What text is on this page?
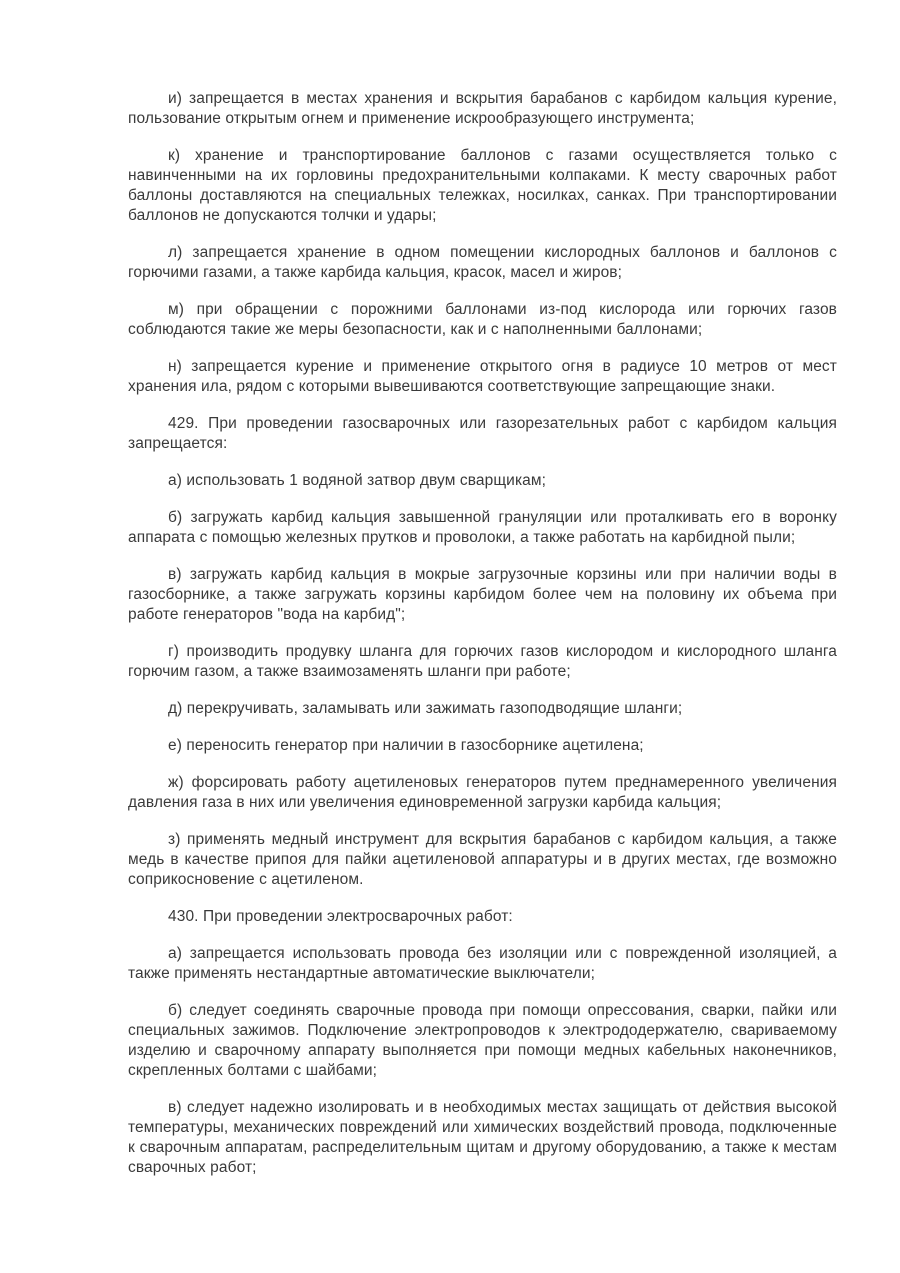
и) запрещается в местах хранения и вскрытия барабанов с карбидом кальция курение, пользование открытым огнем и применение искрообразующего инструмента;

к) хранение и транспортирование баллонов с газами осуществляется только с навинченными на их горловины предохранительными колпаками. К месту сварочных работ баллоны доставляются на специальных тележках, носилках, санках. При транспортировании баллонов не допускаются толчки и удары;

л) запрещается хранение в одном помещении кислородных баллонов и баллонов с горючими газами, а также карбида кальция, красок, масел и жиров;

м) при обращении с порожними баллонами из-под кислорода или горючих газов соблюдаются такие же меры безопасности, как и с наполненными баллонами;

н) запрещается курение и применение открытого огня в радиусе 10 метров от мест хранения ила, рядом с которыми вывешиваются соответствующие запрещающие знаки.

429. При проведении газосварочных или газорезательных работ с карбидом кальция запрещается:

а) использовать 1 водяной затвор двум сварщикам;

б) загружать карбид кальция завышенной грануляции или проталкивать его в воронку аппарата с помощью железных прутков и проволоки, а также работать на карбидной пыли;

в) загружать карбид кальция в мокрые загрузочные корзины или при наличии воды в газосборнике, а также загружать корзины карбидом более чем на половину их объема при работе генераторов "вода на карбид";

г) производить продувку шланга для горючих газов кислородом и кислородного шланга горючим газом, а также взаимозаменять шланги при работе;

д) перекручивать, заламывать или зажимать газоподводящие шланги;

е) переносить генератор при наличии в газосборнике ацетилена;

ж) форсировать работу ацетиленовых генераторов путем преднамеренного увеличения давления газа в них или увеличения единовременной загрузки карбида кальция;

з) применять медный инструмент для вскрытия барабанов с карбидом кальция, а также медь в качестве припоя для пайки ацетиленовой аппаратуры и в других местах, где возможно соприкосновение с ацетиленом.

430. При проведении электросварочных работ:

а) запрещается использовать провода без изоляции или с поврежденной изоляцией, а также применять нестандартные автоматические выключатели;

б) следует соединять сварочные провода при помощи опрессования, сварки, пайки или специальных зажимов. Подключение электропроводов к электрододержателю, свариваемому изделию и сварочному аппарату выполняется при помощи медных кабельных наконечников, скрепленных болтами с шайбами;

в) следует надежно изолировать и в необходимых местах защищать от действия высокой температуры, механических повреждений или химических воздействий провода, подключенные к сварочным аппаратам, распределительным щитам и другому оборудованию, а также к местам сварочных работ;
